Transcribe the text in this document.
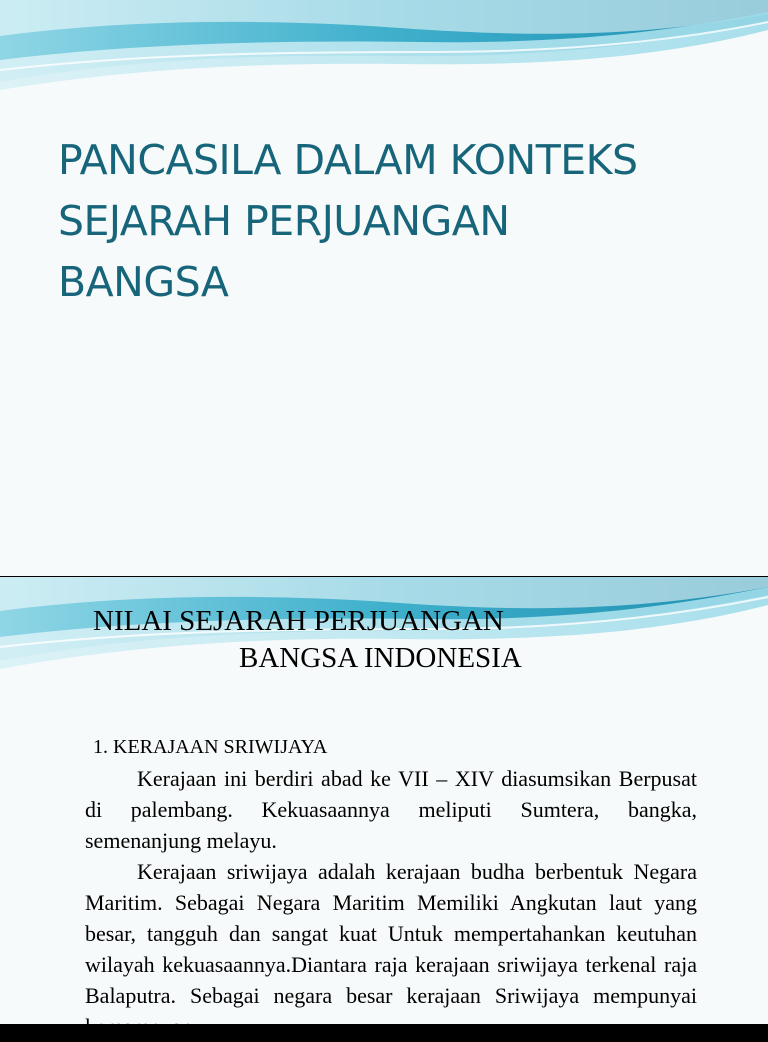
PANCASILA DALAM KONTEKS
SEJARAH PERJUANGAN
BANGSA
NILAI SEJARAH PERJUANGAN
BANGSA INDONESIA
1. KERAJAAN SRIWIJAYA

Kerajaan ini berdiri abad ke VII – XIV diasumsikan Berpusat di palembang. Kekuasaannya meliputi Sumtera, bangka, semenanjung melayu.

Kerajaan sriwijaya adalah kerajaan budha berbentuk Negara Maritim. Sebagai Negara Maritim Memiliki Angkutan laut yang besar, tangguh dan sangat kuat Untuk mempertahankan keutuhan wilayah kekuasaannya.Diantara raja kerajaan sriwijaya terkenal raja Balaputra. Sebagai negara besar kerajaan Sriwijaya mempunyai kemampuan
